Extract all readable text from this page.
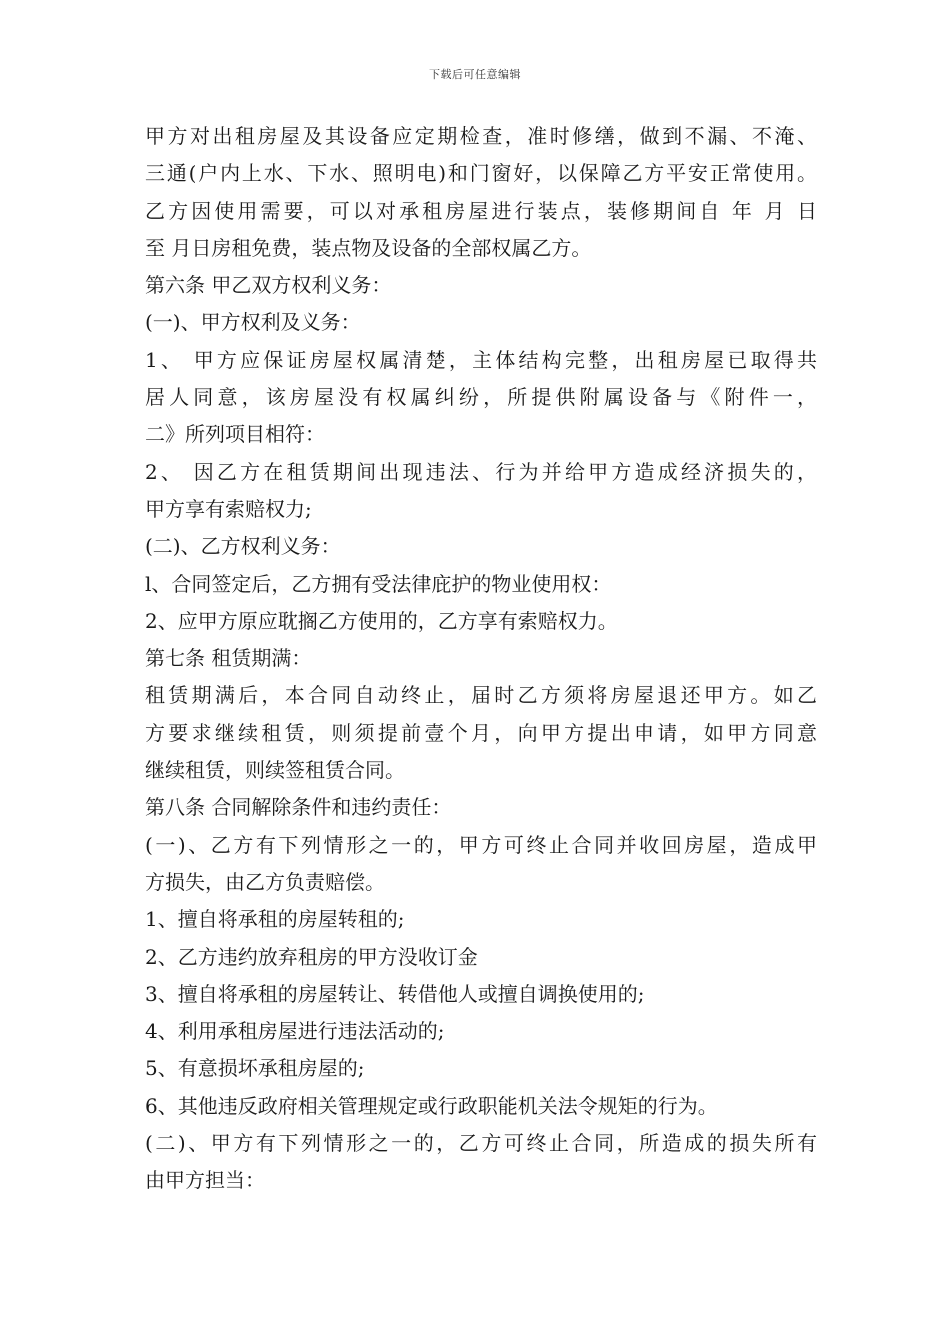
下载后可任意编辑
甲方对出租房屋及其设备应定期检查，准时修缮，做到不漏、不淹、
三通(户内上水、下水、照明电)和门窗好，以保障乙方平安正常使用。
乙方因使用需要，可以对承租房屋进行装点，装修期间自 年 月 日
至 月日房租免费，装点物及设备的全部权属乙方。
第六条 甲乙双方权利义务：
(一)、甲方权利及义务：
1、 甲方应保证房屋权属清楚，主体结构完整，出租房屋已取得共
居人同意，该房屋没有权属纠纷，所提供附属设备与《附件一，
二》所列项目相符：
2、 因乙方在租赁期间出现违法、行为并给甲方造成经济损失的，
甲方享有索赔权力;
(二)、乙方权利义务：
l、合同签定后，乙方拥有受法律庇护的物业使用权：
2、应甲方原应耽搁乙方使用的，乙方享有索赔权力。
第七条 租赁期满：
租赁期满后，本合同自动终止，届时乙方须将房屋退还甲方。如乙
方要求继续租赁，则须提前壹个月，向甲方提出申请，如甲方同意
继续租赁，则续签租赁合同。
第八条 合同解除条件和违约责任：
(一)、乙方有下列情形之一的，甲方可终止合同并收回房屋，造成甲
方损失，由乙方负责赔偿。
1、擅自将承租的房屋转租的;
2、乙方违约放弃租房的甲方没收订金
3、擅自将承租的房屋转让、转借他人或擅自调换使用的;
4、利用承租房屋进行违法活动的;
5、有意损坏承租房屋的;
6、其他违反政府相关管理规定或行政职能机关法令规矩的行为。
(二)、甲方有下列情形之一的，乙方可终止合同，所造成的损失所有
由甲方担当：
